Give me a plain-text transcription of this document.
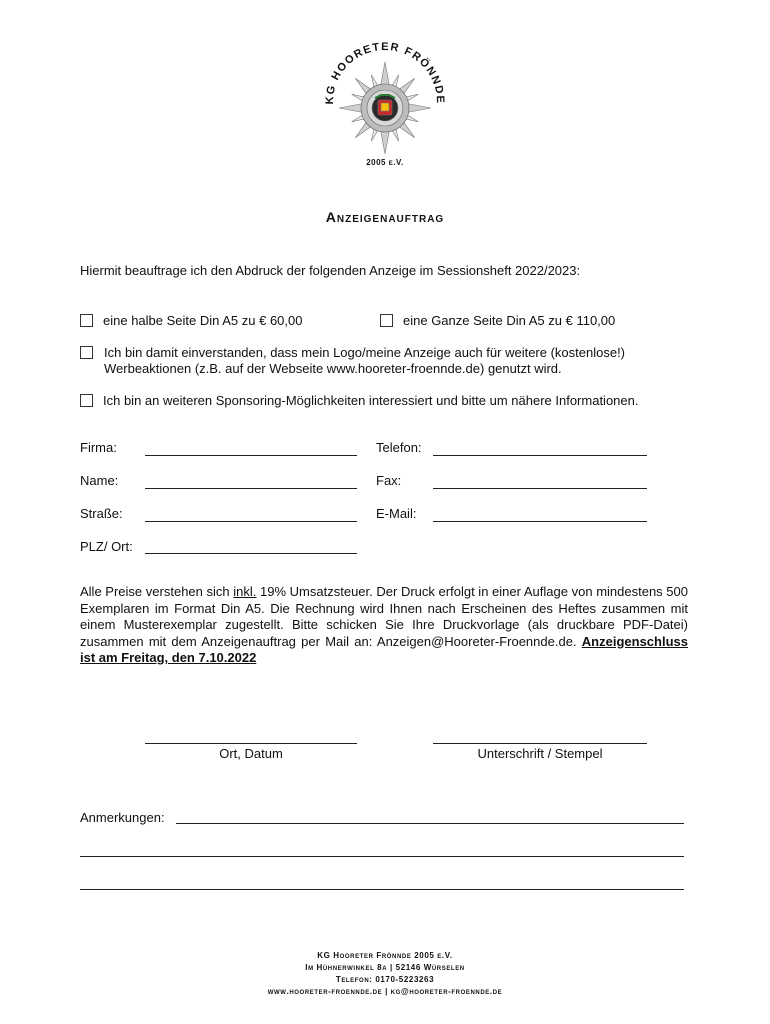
KG HOORETER FRÖNNDE
2005 e.V.
Anzeigenauftrag
Hiermit beauftrage ich den Abdruck der folgenden Anzeige im Sessionsheft 2022/2023:
eine halbe Seite Din A5 zu € 60,00	eine Ganze Seite Din A5 zu € 110,00
Ich bin damit einverstanden, dass mein Logo/meine Anzeige auch für weitere (kostenlose!)
Werbeaktionen (z.B. auf der Webseite www.hooreter-froennde.de) genutzt wird.
Ich bin an weiteren Sponsoring-Möglichkeiten interessiert und bitte um nähere Informationen.
Firma:	Telefon:
Name:	Fax:
Straße:	E-Mail:
PLZ/ Ort:
Alle Preise verstehen sich inkl. 19% Umsatzsteuer. Der Druck erfolgt in einer Auflage von mindestens 500 Exemplaren im Format Din A5. Die Rechnung wird Ihnen nach Erscheinen des Heftes zusammen mit einem Musterexemplar zugestellt. Bitte schicken Sie Ihre Druckvorlage (als druckbare PDF-Datei) zusammen mit dem Anzeigenauftrag per Mail an: Anzeigen@Hooreter-Froennde.de. Anzeigenschluss ist am Freitag, den 7.10.2022
Ort, Datum	Unterschrift / Stempel
Anmerkungen:
KG Hooreter Frönnde 2005 e.V.
Im Hühnerwinkel 8a | 52146 Würselen
Telefon: 0170-5223263
www.hooreter-froennde.de | kg@hooreter-froennde.de
